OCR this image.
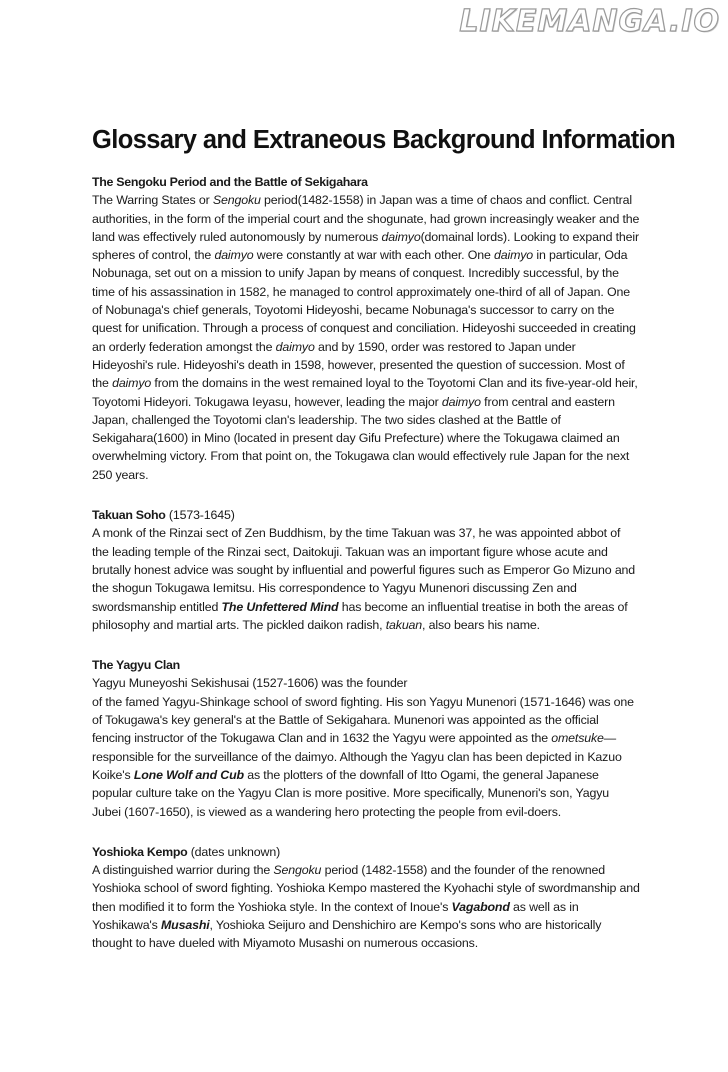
LIKEMANGA.IO
Glossary and Extraneous Background Information

The Sengoku Period and the Battle of Sekigahara

The Warring States or Sengoku period(1482-1558) in Japan was a time of chaos and conflict. Central authorities, in the form of the imperial court and the shogunate, had grown increasingly weaker and the land was effectively ruled autonomously by numerous daimyo(domainal lords). Looking to expand their spheres of control, the daimyo were constantly at war with each other. One daimyo in particular, Oda Nobunaga, set out on a mission to unify Japan by means of conquest. Incredibly successful, by the time of his assassination in 1582, he managed to control approximately one-third of all of Japan. One of Nobunaga's chief generals, Toyotomi Hideyoshi, became Nobunaga's successor to carry on the quest for unification. Through a process of conquest and conciliation. Hideyoshi succeeded in creating an orderly federation amongst the daimyo and by 1590, order was restored to Japan under Hideyoshi's rule. Hideyoshi's death in 1598, however, presented the question of succession. Most of the daimyo from the domains in the west remained loyal to the Toyotomi Clan and its five-year-old heir, Toyotomi Hideyori. Tokugawa Ieyasu, however, leading the major daimyo from central and eastern Japan, challenged the Toyotomi clan's leadership. The two sides clashed at the Battle of Sekigahara(1600) in Mino (located in present day Gifu Prefecture) where the Tokugawa claimed an overwhelming victory. From that point on, the Tokugawa clan would effectively rule Japan for the next 250 years.

Takuan Soho (1573-1645)

A monk of the Rinzai sect of Zen Buddhism, by the time Takuan was 37, he was appointed abbot of the leading temple of the Rinzai sect, Daitokuji. Takuan was an important figure whose acute and brutally honest advice was sought by influential and powerful figures such as Emperor Go Mizuno and the shogun Tokugawa Iemitsu. His correspondence to Yagyu Munenori discussing Zen and swordsmanship entitled The Unfettered Mind has become an influential treatise in both the areas of philosophy and martial arts. The pickled daikon radish, takuan, also bears his name.

The Yagyu Clan

Yagyu Muneyoshi Sekishusai (1527-1606) was the founder

of the famed Yagyu-Shinkage school of sword fighting. His son Yagyu Munenori (1571-1646) was one of Tokugawa's key general's at the Battle of Sekigahara. Munenori was appointed as the official fencing instructor of the Tokugawa Clan and in 1632 the Yagyu were appointed as the ometsuke—responsible for the surveillance of the daimyo. Although the Yagyu clan has been depicted in Kazuo Koike's Lone Wolf and Cub as the plotters of the downfall of Itto Ogami, the general Japanese popular culture take on the Yagyu Clan is more positive. More specifically, Munenori's son, Yagyu Jubei (1607-1650), is viewed as a wandering hero protecting the people from evil-doers.

Yoshioka Kempo (dates unknown)

A distinguished warrior during the Sengoku period (1482-1558) and the founder of the renowned Yoshioka school of sword fighting. Yoshioka Kempo mastered the Kyohachi style of swordmanship and then modified it to form the Yoshioka style. In the context of Inoue's Vagabond as well as in Yoshikawa's Musashi, Yoshioka Seijuro and Denshichiro are Kempo's sons who are historically thought to have dueled with Miyamoto Musashi on numerous occasions.
